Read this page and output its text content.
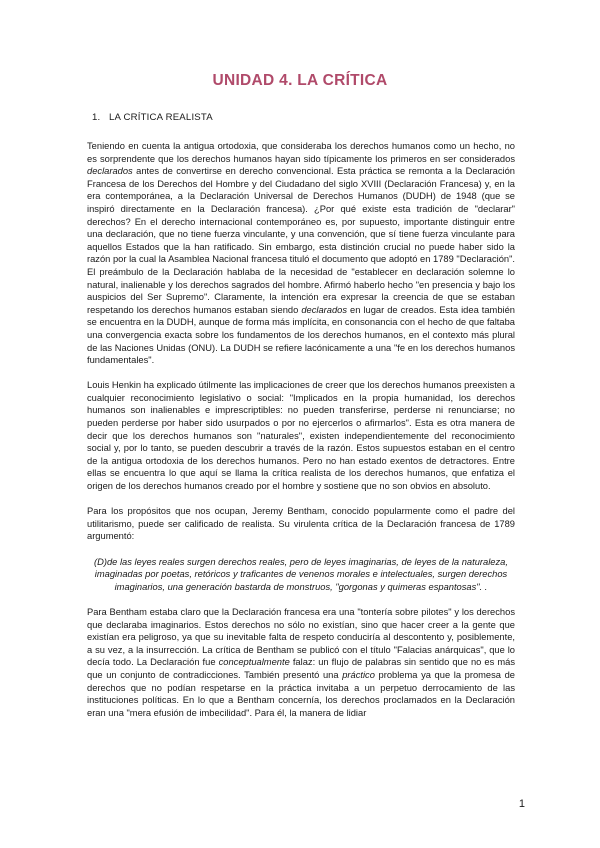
UNIDAD 4. LA CRÍTICA
1. LA CRÍTICA REALISTA

Teniendo en cuenta la antigua ortodoxia, que consideraba los derechos humanos como un hecho, no es sorprendente que los derechos humanos hayan sido típicamente los primeros en ser considerados declarados antes de convertirse en derecho convencional. Esta práctica se remonta a la Declaración Francesa de los Derechos del Hombre y del Ciudadano del siglo XVIII (Declaración Francesa) y, en la era contemporánea, a la Declaración Universal de Derechos Humanos (DUDH) de 1948 (que se inspiró directamente en la Declaración francesa). ¿Por qué existe esta tradición de "declarar" derechos? En el derecho internacional contemporáneo es, por supuesto, importante distinguir entre una declaración, que no tiene fuerza vinculante, y una convención, que sí tiene fuerza vinculante para aquellos Estados que la han ratificado. Sin embargo, esta distinción crucial no puede haber sido la razón por la cual la Asamblea Nacional francesa tituló el documento que adoptó en 1789 "Declaración". El preámbulo de la Declaración hablaba de la necesidad de "establecer en declaración solemne lo natural, inalienable y los derechos sagrados del hombre. Afirmó haberlo hecho "en presencia y bajo los auspicios del Ser Supremo". Claramente, la intención era expresar la creencia de que se estaban respetando los derechos humanos estaban siendo declarados en lugar de creados. Esta idea también se encuentra en la DUDH, aunque de forma más implícita, en consonancia con el hecho de que faltaba una convergencia exacta sobre los fundamentos de los derechos humanos, en el contexto más plural de las Naciones Unidas (ONU). La DUDH se refiere lacónicamente a una "fe en los derechos humanos fundamentales".

Louis Henkin ha explicado útilmente las implicaciones de creer que los derechos humanos preexisten a cualquier reconocimiento legislativo o social: "Implicados en la propia humanidad, los derechos humanos son inalienables e imprescriptibles: no pueden transferirse, perderse ni renunciarse; no pueden perderse por haber sido usurpados o por no ejercerlos o afirmarlos". Esta es otra manera de decir que los derechos humanos son "naturales", existen independientemente del reconocimiento social y, por lo tanto, se pueden descubrir a través de la razón. Estos supuestos estaban en el centro de la antigua ortodoxia de los derechos humanos. Pero no han estado exentos de detractores. Entre ellas se encuentra lo que aquí se llama la crítica realista de los derechos humanos, que enfatiza el origen de los derechos humanos creado por el hombre y sostiene que no son obvios en absoluto.

Para los propósitos que nos ocupan, Jeremy Bentham, conocido popularmente como el padre del utilitarismo, puede ser calificado de realista. Su virulenta crítica de la Declaración francesa de 1789 argumentó:

(D)de las leyes reales surgen derechos reales, pero de leyes imaginarias, de leyes de la naturaleza, imaginadas por poetas, retóricos y traficantes de venenos morales e intelectuales, surgen derechos imaginarios, una generación bastarda de monstruos, "gorgonas y quimeras espantosas". .

Para Bentham estaba claro que la Declaración francesa era una "tontería sobre pilotes" y los derechos que declaraba imaginarios. Estos derechos no sólo no existían, sino que hacer creer a la gente que existían era peligroso, ya que su inevitable falta de respeto conduciría al descontento y, posiblemente, a su vez, a la insurrección. La crítica de Bentham se publicó con el título "Falacias anárquicas", que lo decía todo. La Declaración fue conceptualmente falaz: un flujo de palabras sin sentido que no es más que un conjunto de contradicciones. También presentó una práctico problema ya que la promesa de derechos que no podían respetarse en la práctica invitaba a un perpetuo derrocamiento de las instituciones políticas. En lo que a Bentham concernía, los derechos proclamados en la Declaración eran una "mera efusión de imbecilidad". Para él, la manera de lidiar

1
